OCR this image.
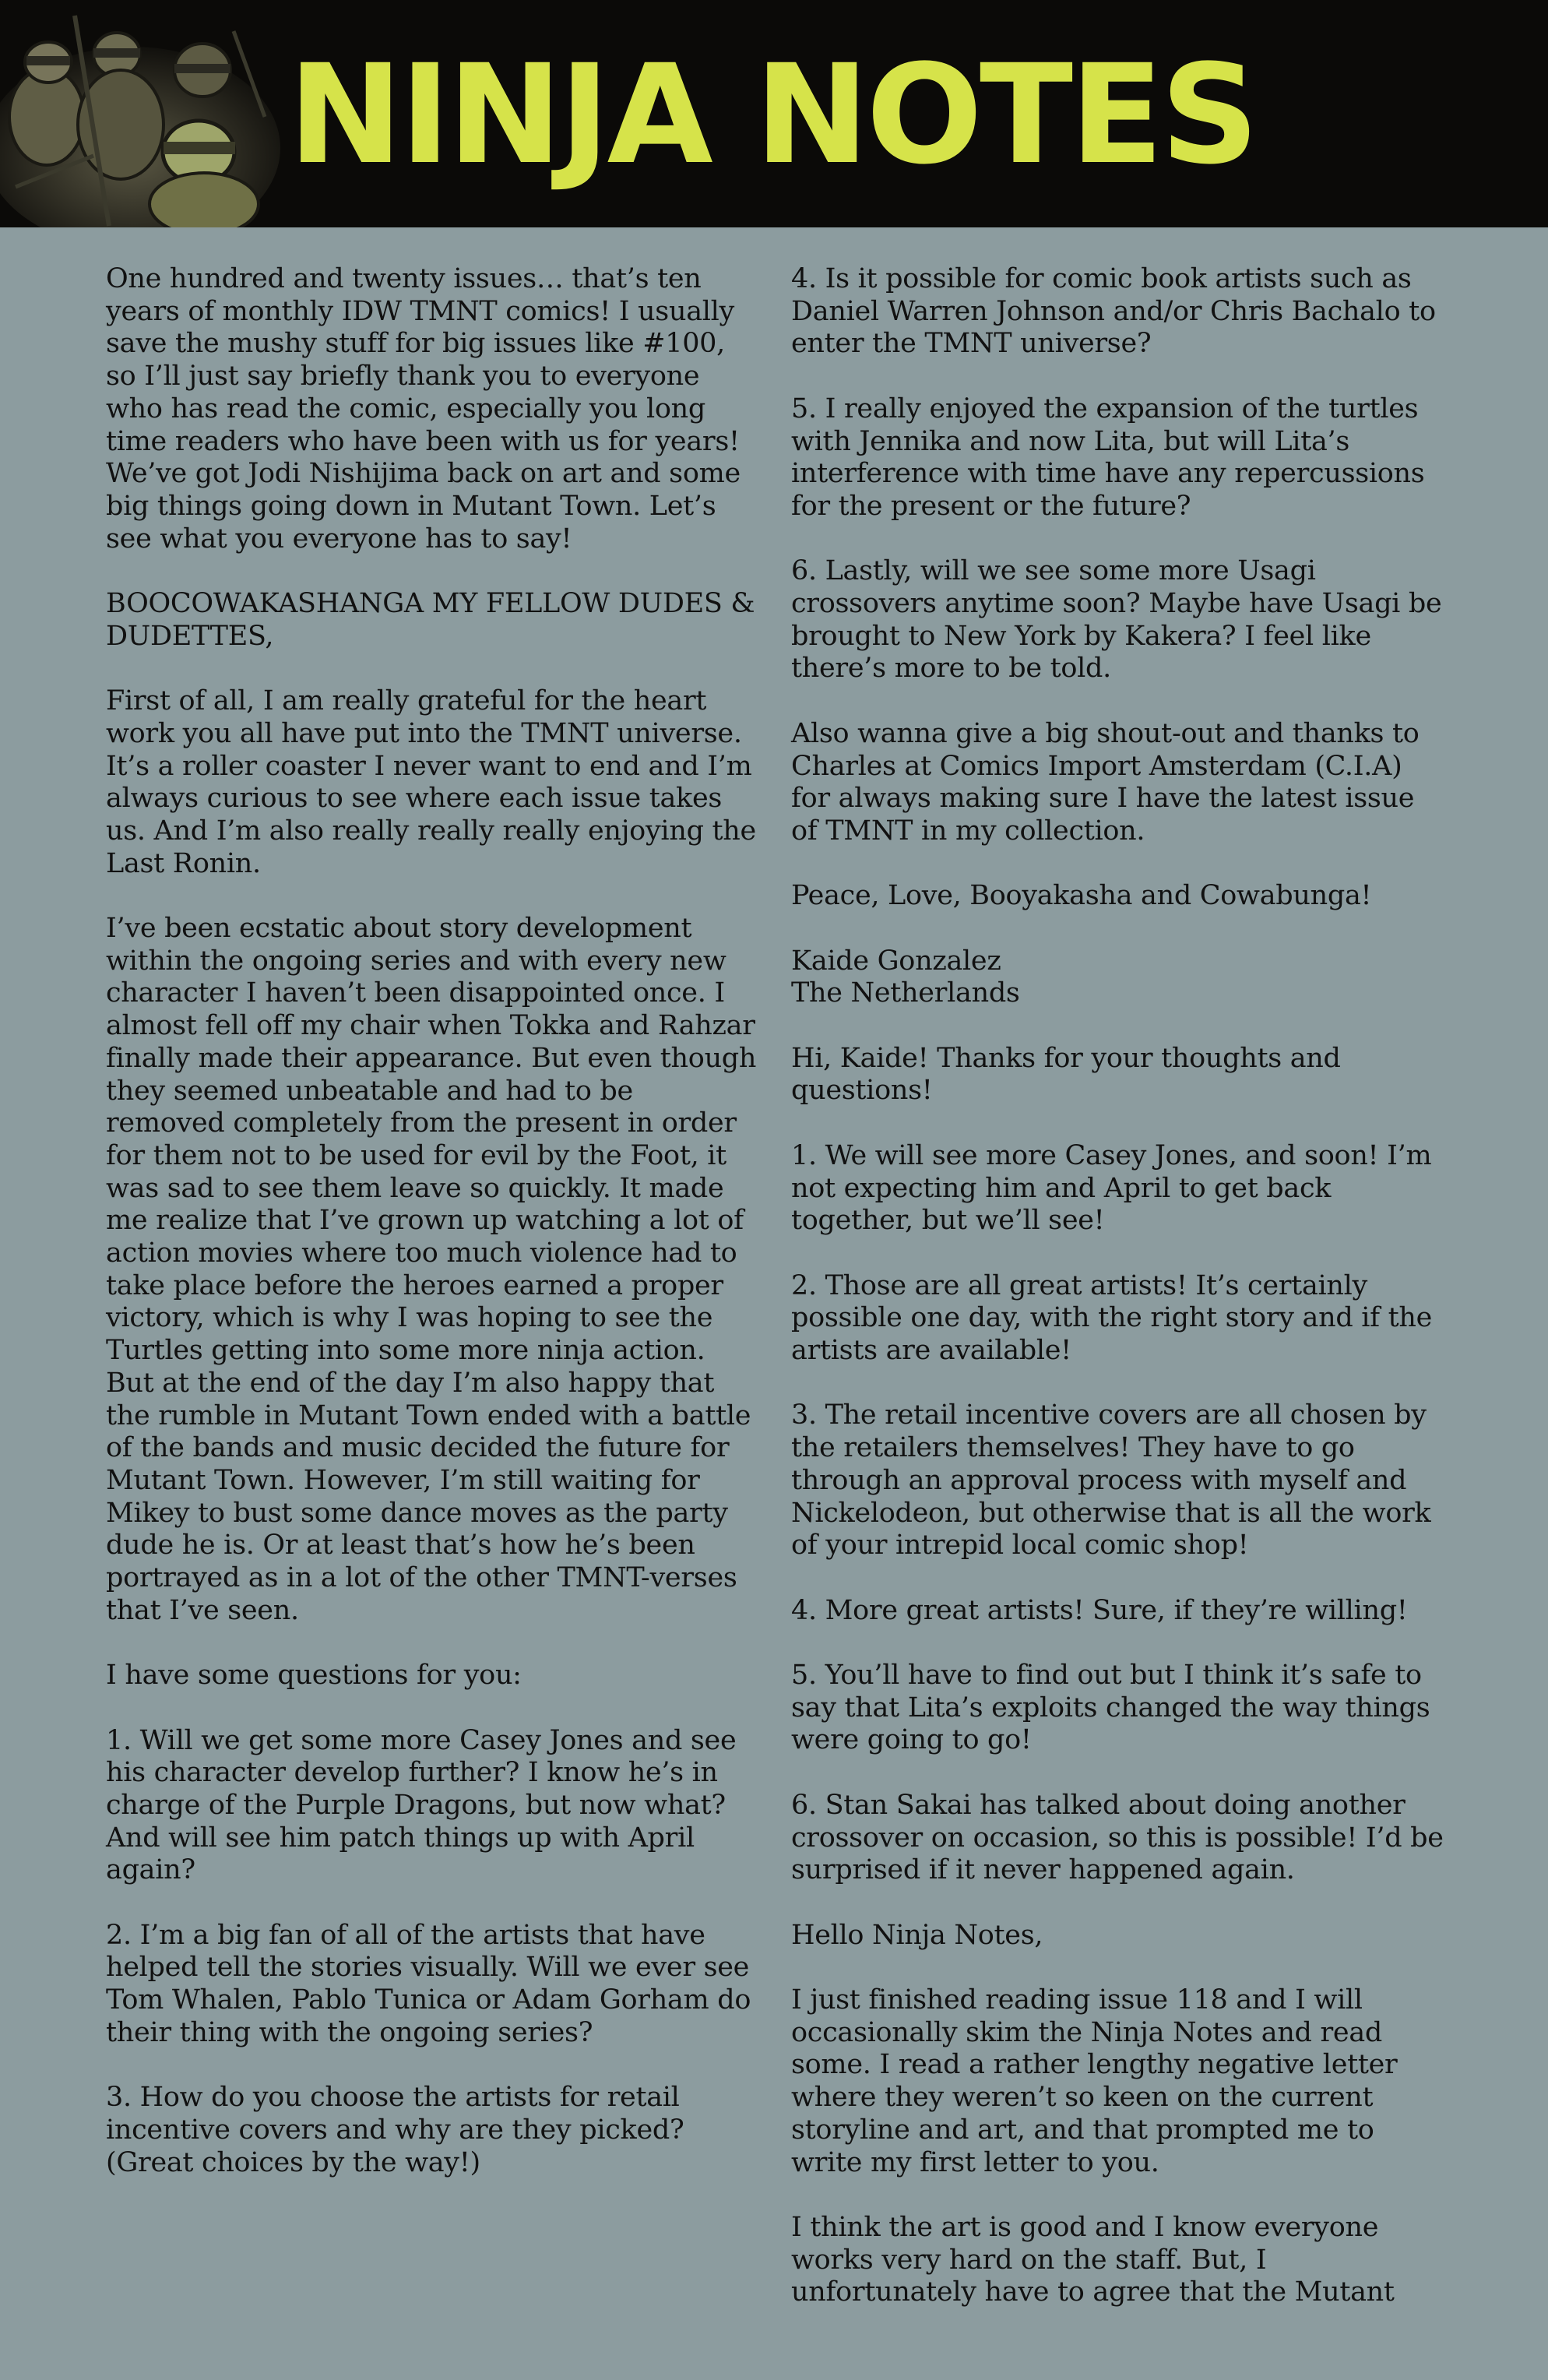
NINJA NOTES

One hundred and twenty issues… that’s ten years of monthly IDW TMNT comics! I usually save the mushy stuff for big issues like #100, so I’ll just say briefly thank you to everyone who has read the comic, especially you long time readers who have been with us for years! We’ve got Jodi Nishijima back on art and some big things going down in Mutant Town. Let’s see what you everyone has to say!

BOOCOWAKASHANGA MY FELLOW DUDES & DUDETTES,

First of all, I am really grateful for the heart work you all have put into the TMNT universe. It’s a roller coaster I never want to end and I’m always curious to see where each issue takes us. And I’m also really really really enjoying the Last Ronin.

I’ve been ecstatic about story development within the ongoing series and with every new character I haven’t been disappointed once. I almost fell off my chair when Tokka and Rahzar finally made their appearance. But even though they seemed unbeatable and had to be removed completely from the present in order for them not to be used for evil by the Foot, it was sad to see them leave so quickly. It made me realize that I’ve grown up watching a lot of action movies where too much violence had to take place before the heroes earned a proper victory, which is why I was hoping to see the Turtles getting into some more ninja action. But at the end of the day I’m also happy that the rumble in Mutant Town ended with a battle of the bands and music decided the future for Mutant Town. However, I’m still waiting for Mikey to bust some dance moves as the party dude he is. Or at least that’s how he’s been portrayed as in a lot of the other TMNT-verses that I’ve seen.

I have some questions for you:

1. Will we get some more Casey Jones and see his character develop further? I know he’s in charge of the Purple Dragons, but now what? And will see him patch things up with April again?

2. I’m a big fan of all of the artists that have helped tell the stories visually. Will we ever see Tom Whalen, Pablo Tunica or Adam Gorham do their thing with the ongoing series?

3. How do you choose the artists for retail incentive covers and why are they picked? (Great choices by the way!)

4. Is it possible for comic book artists such as Daniel Warren Johnson and/or Chris Bachalo to enter the TMNT universe?

5. I really enjoyed the expansion of the turtles with Jennika and now Lita, but will Lita’s interference with time have any repercussions for the present or the future?

6. Lastly, will we see some more Usagi crossovers anytime soon? Maybe have Usagi be brought to New York by Kakera? I feel like there’s more to be told.

Also wanna give a big shout-out and thanks to Charles at Comics Import Amsterdam (C.I.A) for always making sure I have the latest issue of TMNT in my collection.

Peace, Love, Booyakasha and Cowabunga!

Kaide Gonzalez
The Netherlands

Hi, Kaide! Thanks for your thoughts and questions!

1. We will see more Casey Jones, and soon! I’m not expecting him and April to get back together, but we’ll see!

2. Those are all great artists! It’s certainly possible one day, with the right story and if the artists are available!

3. The retail incentive covers are all chosen by the retailers themselves! They have to go through an approval process with myself and Nickelodeon, but otherwise that is all the work of your intrepid local comic shop!

4. More great artists! Sure, if they’re willing!

5. You’ll have to find out but I think it’s safe to say that Lita’s exploits changed the way things were going to go!

6. Stan Sakai has talked about doing another crossover on occasion, so this is possible! I’d be surprised if it never happened again.

Hello Ninja Notes,

I just finished reading issue 118 and I will occasionally skim the Ninja Notes and read some. I read a rather lengthy negative letter where they weren’t so keen on the current storyline and art, and that prompted me to write my first letter to you.

I think the art is good and I know everyone works very hard on the staff. But, I unfortunately have to agree that the Mutant
